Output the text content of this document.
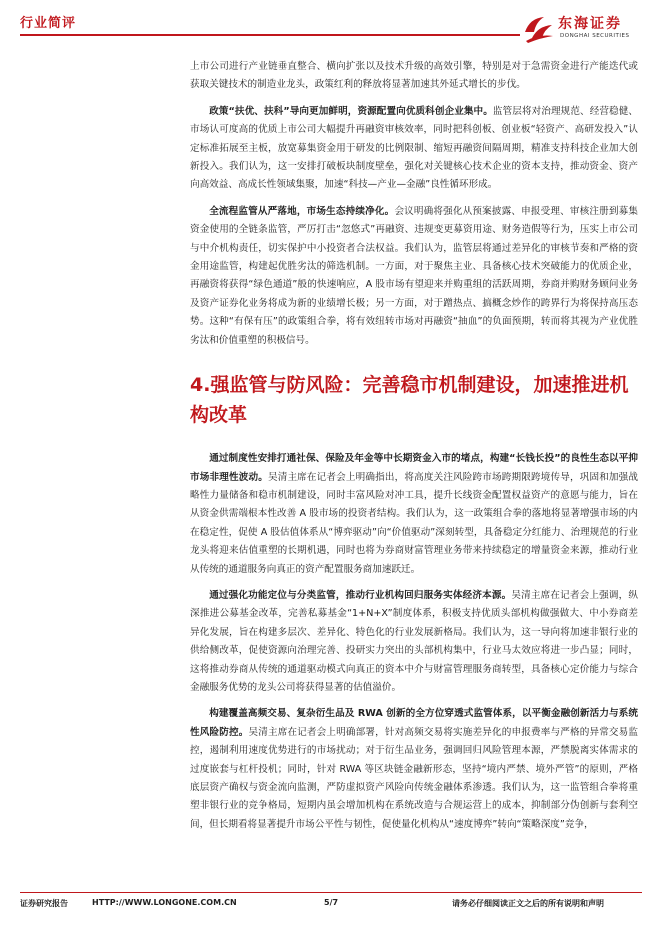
行业简评	东海证券
DONGHAI SECURITIES

上市公司进行产业链垂直整合、横向扩张以及技术升级的高效引擎，特别是对于急需资金进行产能迭代或获取关键技术的制造业龙头，政策红利的释放将显著加速其外延式增长的步伐。

政策“扶优、扶科”导向更加鲜明，资源配置向优质科创企业集中。监管层将对治理规范、经营稳健、市场认可度高的优质上市公司大幅提升再融资审核效率，同时把科创板、创业板“轻资产、高研发投入”认定标准拓展至主板，放宽募集资金用于研发的比例限制、缩短再融资间隔周期，精准支持科技企业加大创新投入。我们认为，这一安排打破板块制度壁垒，强化对关键核心技术企业的资本支持，推动资金、资产向高效益、高成长性领域集聚，加速“科技—产业—金融”良性循环形成。

全流程监管从严落地，市场生态持续净化。会议明确将强化从预案披露、申报受理、审核注册到募集资金使用的全链条监管，严厉打击“忽悠式”再融资、违规变更募资用途、财务造假等行为，压实上市公司与中介机构责任，切实保护中小投资者合法权益。我们认为，监管层将通过差异化的审核节奏和严格的资金用途监管，构建起优胜劣汰的筛选机制。一方面，对于聚焦主业、具备核心技术突破能力的优质企业，再融资将获得“绿色通道”般的快速响应，A 股市场有望迎来并购重组的活跃周期，券商并购财务顾问业务及资产证券化业务将成为新的业绩增长极；另一方面，对于蹭热点、搞概念炒作的跨界行为将保持高压态势。这种“有保有压”的政策组合拳，将有效纽转市场对再融资“抽血”的负面预期，转而将其视为产业优胜劣汰和价值重塑的积极信号。

4.强监管与防风险：完善稳市机制建设，加速推进机构改革

通过制度性安排打通社保、保险及年金等中长期资金入市的堵点，构建“长钱长投”的良性生态以平抑市场非理性波动。吴清主席在记者会上明确指出，将高度关注风险跨市场跨期限跨境传导，巩固和加强战略性力量储备和稳市机制建设，同时丰富风险对冲工具，提升长线资金配置权益资产的意愿与能力，旨在从资金供需端根本性改善 A 股市场的投资者结构。我们认为，这一政策组合拳的落地将显著增强市场的内在稳定性，促使 A 股估值体系从“博弈驱动”向“价值驱动”深刻转型，具备稳定分红能力、治理规范的行业龙头将迎来估值重塑的长期机遇，同时也将为券商财富管理业务带来持续稳定的增量资金来源，推动行业从传统的通道服务向真正的资产配置服务商加速跃迁。

通过强化功能定位与分类监管，推动行业机构回归服务实体经济本源。吴清主席在记者会上强调，纵深推进公募基金改革，完善私募基金“1+N+X”制度体系，积极支持优质头部机构做强做大、中小券商差异化发展，旨在构建多层次、差异化、特色化的行业发展新格局。我们认为，这一导向将加速非银行业的供给侧改革，促使资源向治理完善、投研实力突出的头部机构集中，行业马太效应将进一步凸显；同时，这将推动券商从传统的通道驱动模式向真正的资本中介与财富管理服务商转型，具备核心定价能力与综合金融服务优势的龙头公司将获得显著的估值溢价。

构建覆盖高频交易、复杂衍生品及 RWA 创新的全方位穿透式监管体系，以平衡金融创新活力与系统性风险防控。吴清主席在记者会上明确部署，针对高频交易将实施差异化的申报费率与严格的异常交易监控，遏制利用速度优势进行的市场扰动；对于衍生品业务，强调回归风险管理本源，严禁脱离实体需求的过度嵌套与杠杆投机；同时，针对 RWA 等区块链金融新形态，坚持“境内严禁、境外严管”的原则，严格底层资产确权与资金流向监测，严防虚拟资产风险向传统金融体系渗透。我们认为，这一监管组合拳将重塑非银行业的竞争格局，短期内虽会增加机构在系统改造与合规运营上的成本，抑制部分伪创新与套利空间，但长期看将显著提升市场公平性与韧性，促使量化机构从“速度博弈”转向“策略深度”竞争，

证券研究报告	HTTP://WWW.LONGONE.COM.CN	5/7	请务必仔细阅读正文之后的所有说明和声明
